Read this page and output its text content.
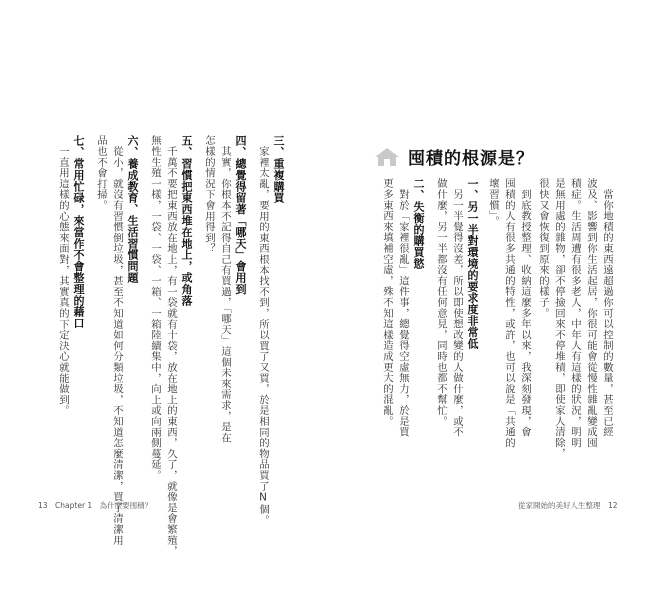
囤積的根源是？
　當你地積的東西遠超過你可以控制的數量，甚至已經
波及、影響到你生活起居，你很可能會從慢性雜亂變成囤
積症。生活周遭有很多老人，中年人有這樣的狀況，明明
是無用處的雜物，卻不停撿回來不停堆積，即使家人清除，
很快又會恢復到原來的樣子。
　到底教授整理、收納這麼多年以來，我深刻發現，會
囤積的人有很多共通的特性，或許，也可以說是「共通的
壞習慣」。
一、另一半對環境的要求度非常低
　另一半覺得沒差，所以即使想改變的人做什麼，或不
做什麼，另一半都沒有任何意見，同時也都不幫忙。
二、失衡的購買慾
　對於「家裡很亂」這件事，總覺得空虛無力，於是買
更多東西來填補空虛，殊不知這樣造成更大的混亂。
三、重複購買
　家裡太亂，要用的東西根本找不到，所以買了又買，於是相同的物品買了N個。
四、總覺得留著「哪天」會用到
　其實，你根本不記得自己有買過，「哪天」這個未來需求，是在
怎樣的情況下會用得到？
五、習慣把東西堆在地上，或角落
　千萬不要把東西放在地上，有一袋就有十袋，放在地上的東西，久了，就像是會繁殖，
無性生殖一樣，一袋、一袋、一箱、一箱陸續集中，向上或向兩側蔓延。
六、養成教育、生活習慣問題
　從小，就沒有習慣倒垃圾，甚至不知道如何分類垃圾，不知道怎麼清潔，買了清潔用
品也不會打掃。
七、常用忙碌，來當作不會整理的藉口
　一直用這樣的心態來面對，其實真的下定決心就能做到。
13　Chapter 1　為什麼要囤積？	從家開始的美好人生整理　12
